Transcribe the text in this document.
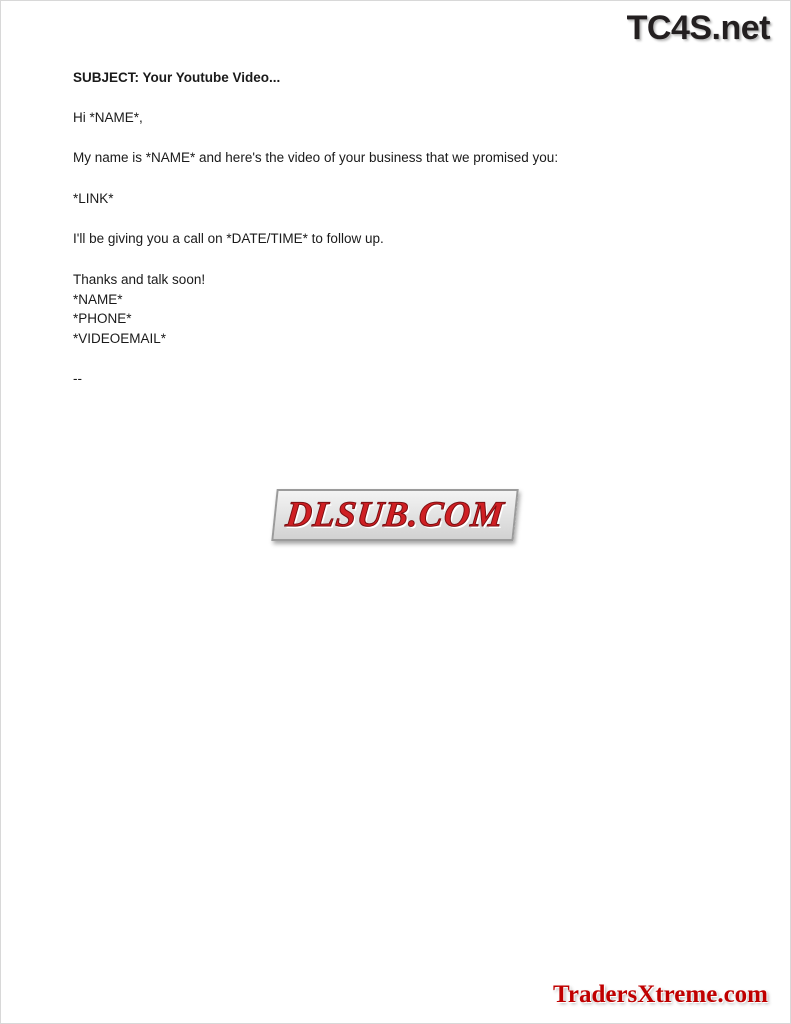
TC4S.net
SUBJECT: Your Youtube Video...

Hi *NAME*,

My name is *NAME* and here's the video of your business that we promised you:

*LINK*

I'll be giving you a call on *DATE/TIME* to follow up.

Thanks and talk soon!
*NAME*
*PHONE*
*VIDEOEMAIL*
--
DLSUB.COM
TradersXtreme.com
